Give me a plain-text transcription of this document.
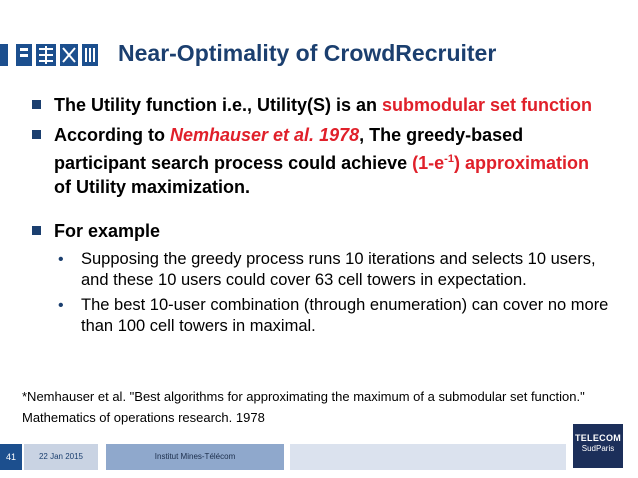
Near-Optimality of CrowdRecruiter
The Utility function i.e., Utility(S) is an submodular set function
According to Nemhauser et al. 1978, The greedy-based participant search process could achieve $(1-e^{-1})$ approximation of Utility maximization.
For example
• Supposing the greedy process runs 10 iterations and selects 10 users, and these 10 users could cover 63 cell towers in expectation.
• The best 10-user combination (through enumeration) can cover no more than 100 cell towers in maximal.
*Nemhauser et al. "Best algorithms for approximating the maximum of a submodular set function." Mathematics of operations research. 1978
41	22 Jan 2015	Institut Mines-Télécom
TELECOM
SudParis
